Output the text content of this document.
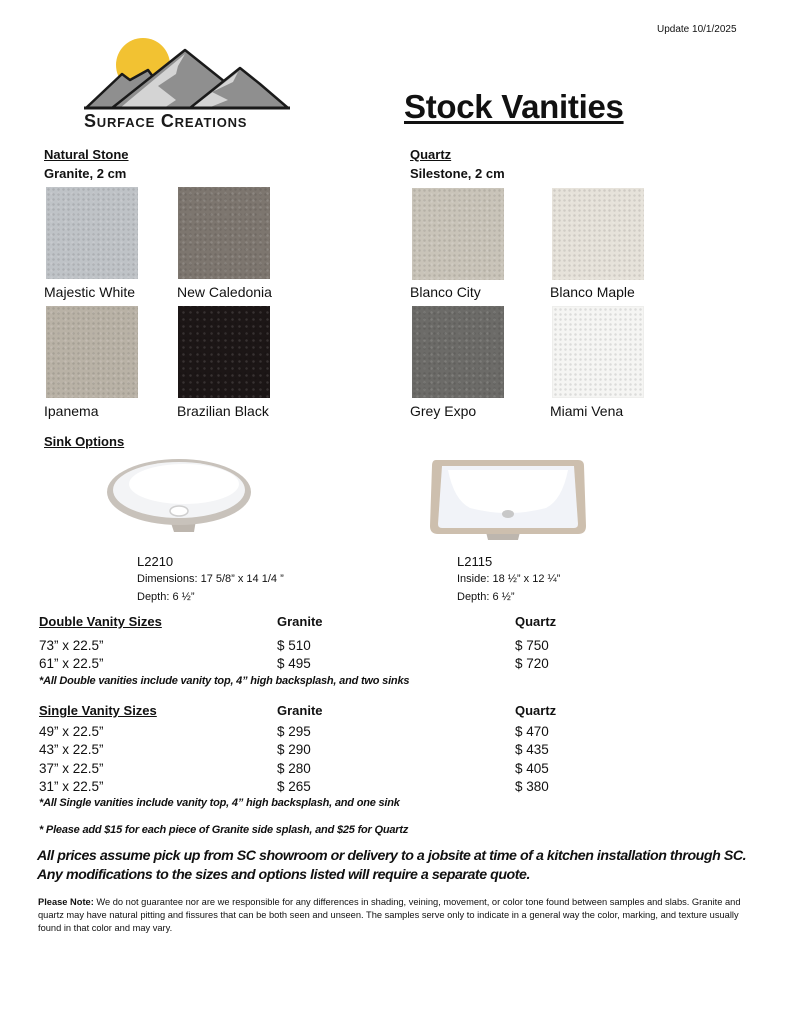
Update 10/1/2025
Surface Creations	Stock Vanities
Natural Stone
Granite, 2 cm
Majestic White	New Caledonia
Ipanema	Brazilian Black
Quartz
Silestone, 2 cm
Blanco City	Blanco Maple
Grey Expo	Miami Vena
Sink Options
L2210
Dimensions: 17 5/8” x 14 1/4 ”
Depth: 6 ½”
L2115
Inside: 18 ½” x 12 ¼”
Depth: 6 ½”
Double Vanity Sizes	Granite	Quartz
73” x 22.5”	$ 510	$ 750
61” x 22.5”	$ 495	$ 720
*All Double vanities include vanity top, 4” high backsplash, and two sinks
Single Vanity Sizes	Granite	Quartz
49” x 22.5”	$ 295	$ 470
43” x 22.5”	$ 290	$ 435
37” x 22.5”	$ 280	$ 405
31” x 22.5”	$ 265	$ 380
*All Single vanities include vanity top, 4” high backsplash, and one sink
* Please add $15 for each piece of Granite side splash, and $25 for Quartz
All prices assume pick up from SC showroom or delivery to a jobsite at time of a kitchen installation through SC.
Any modifications to the sizes and options listed will require a separate quote.
Please Note: We do not guarantee nor are we responsible for any differences in shading, veining, movement, or color tone found between samples and slabs. Granite and quartz may have natural pitting and fissures that can be both seen and unseen. The samples serve only to indicate in a general way the color, marking, and texture usually found in that color and may vary.
